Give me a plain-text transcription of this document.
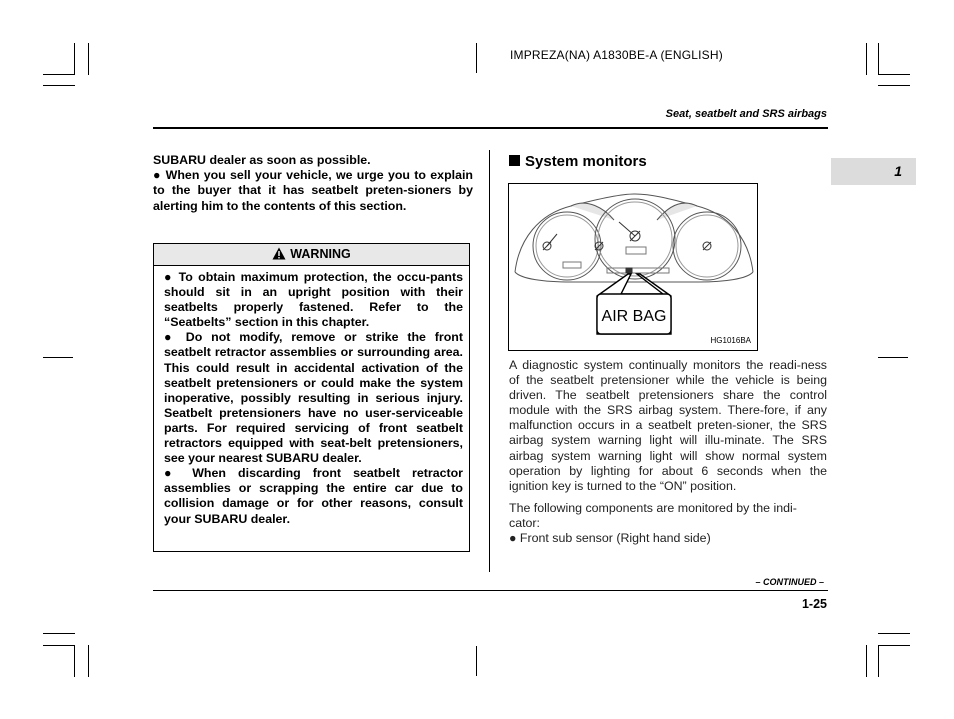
IMPREZA(NA) A1830BE-A (ENGLISH)
Seat, seatbelt and SRS airbags
1

SUBARU dealer as soon as possible.

● When you sell your vehicle, we urge you to explain to the buyer that it has seatbelt preten-sioners by alerting him to the contents of this section.

WARNING

● To obtain maximum protection, the occu-pants should sit in an upright position with their seatbelts properly fastened. Refer to the “Seatbelts” section in this chapter.

● Do not modify, remove or strike the front seatbelt retractor assemblies or surrounding area. This could result in accidental activation of the seatbelt pretensioners or could make the system inoperative, possibly resulting in serious injury. Seatbelt pretensioners have no user-serviceable parts. For required servicing of front seatbelt retractors equipped with seat-belt pretensioners, see your nearest SUBARU dealer.

● When discarding front seatbelt retractor assemblies or scrapping the entire car due to collision damage or for other reasons, consult your SUBARU dealer.

System monitors
AIR BAG
HG1016BA

A diagnostic system continually monitors the readi-ness of the seatbelt pretensioner while the vehicle is being driven. The seatbelt pretensioners share the control module with the SRS airbag system. There-fore, if any malfunction occurs in a seatbelt preten-sioner, the SRS airbag system warning light will illu-minate. The SRS airbag system warning light will show normal system operation by lighting for about 6 seconds when the ignition key is turned to the “ON” position.

The following components are monitored by the indi-cator:

● Front sub sensor (Right hand side)

– CONTINUED –
1-25
